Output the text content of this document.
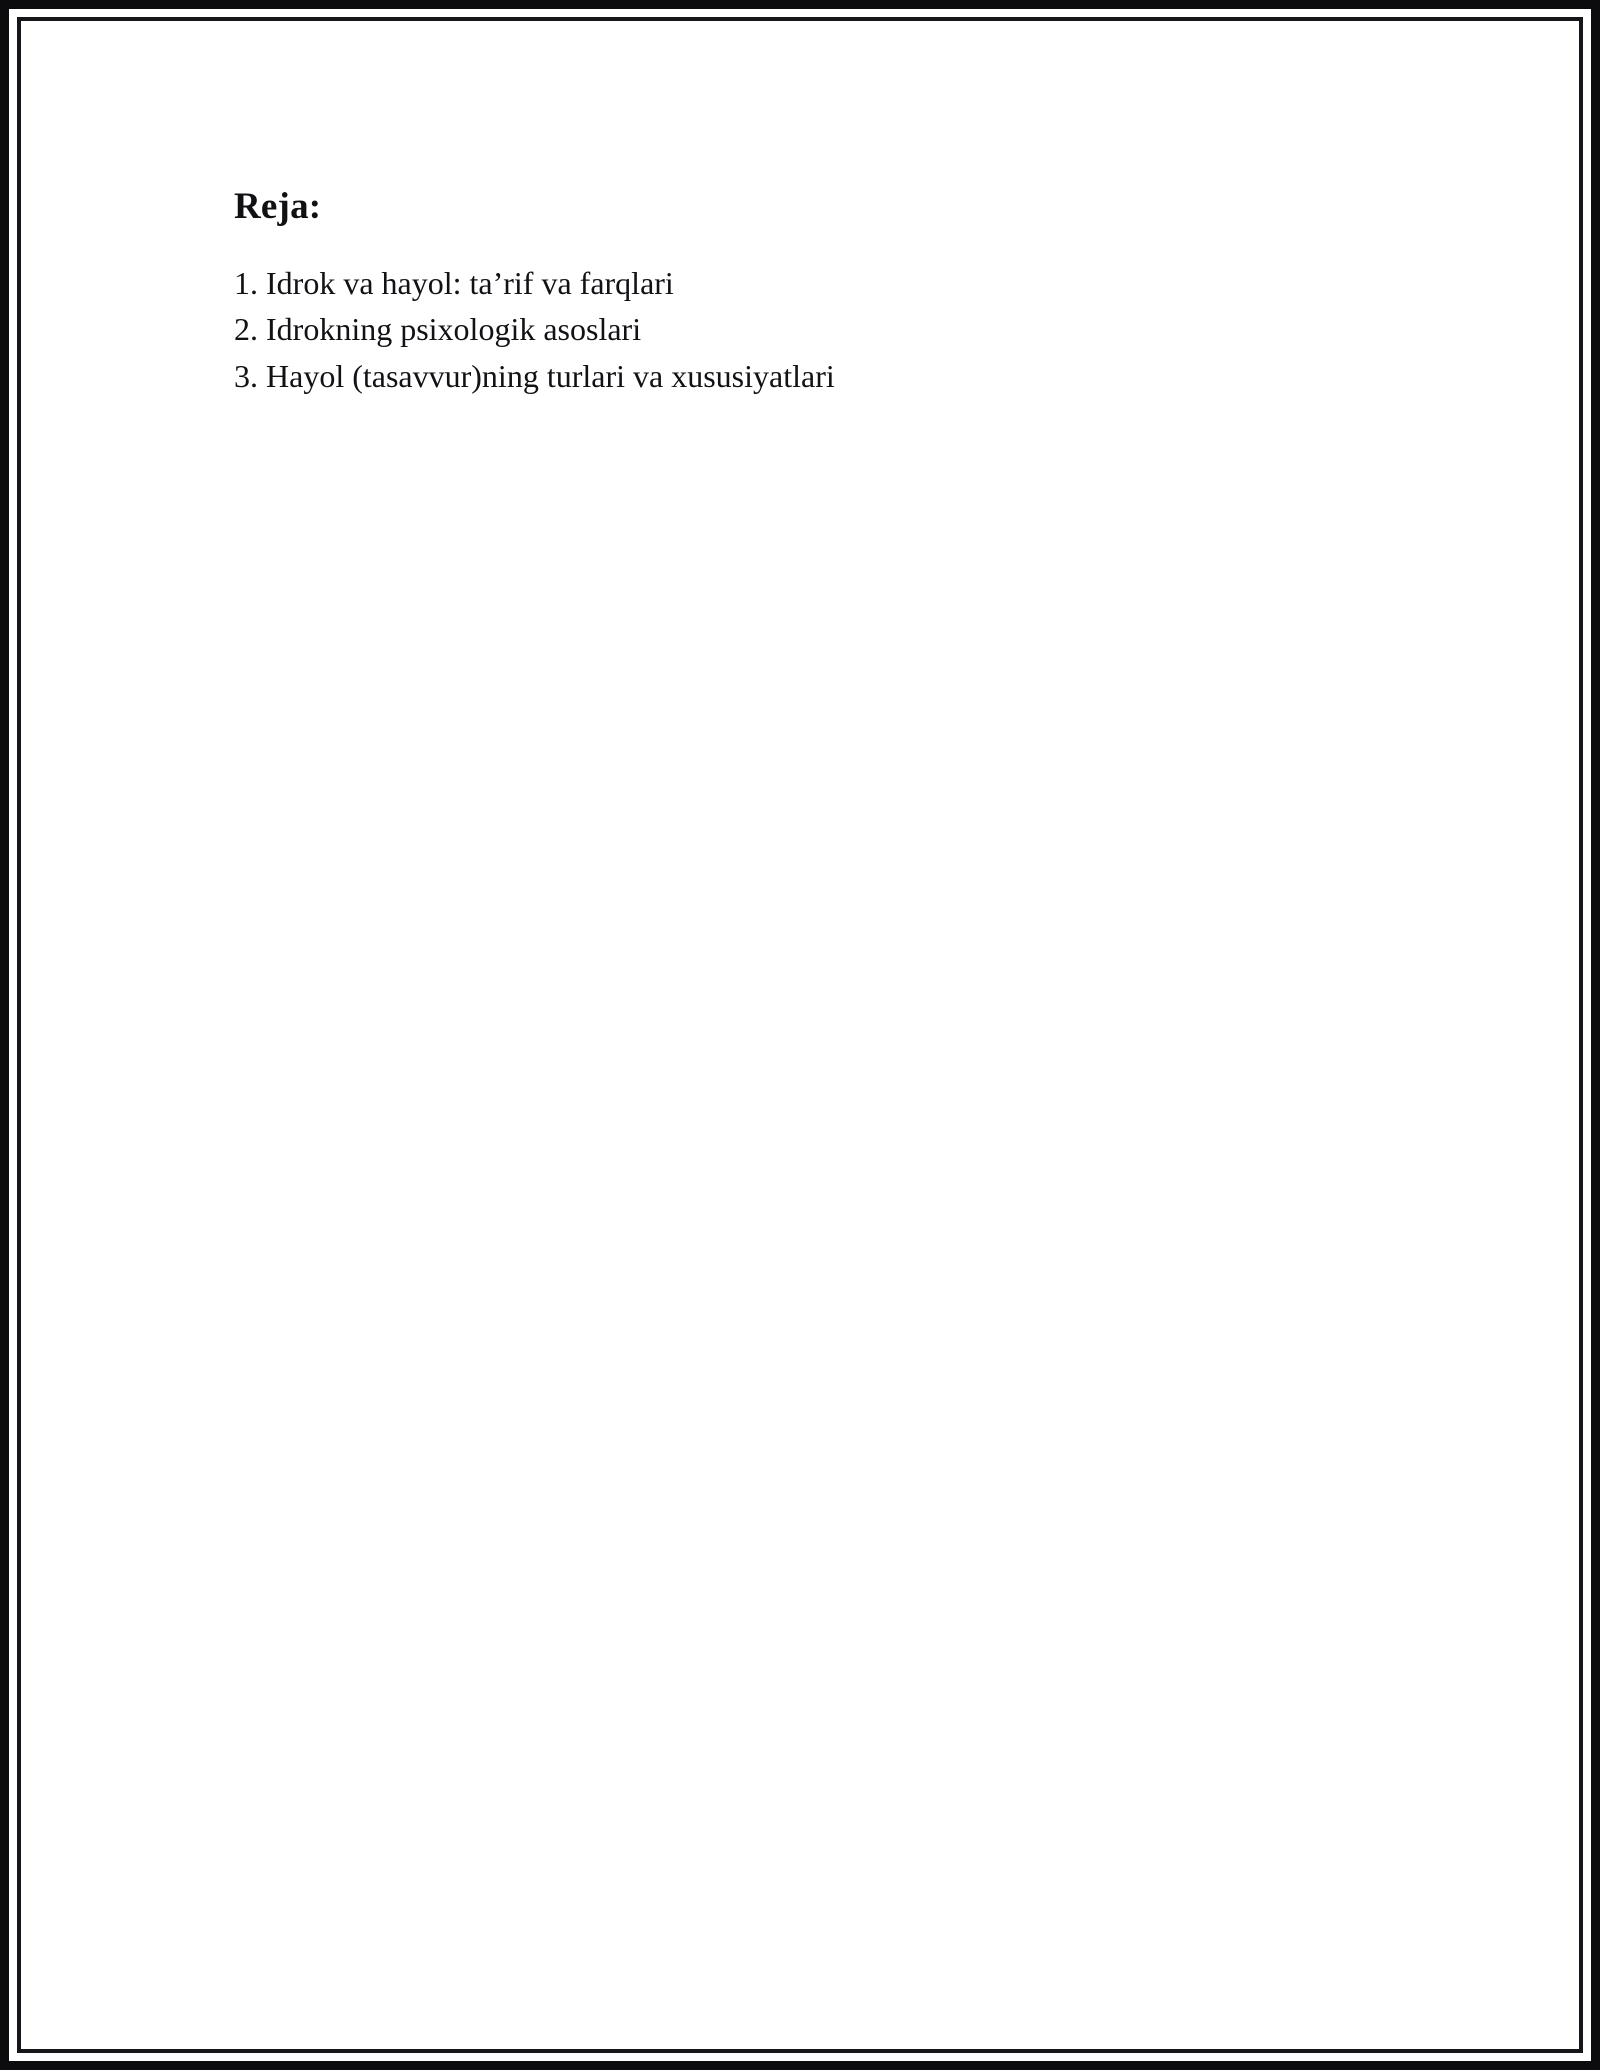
Reja:
1. Idrok va hayol: ta’rif va farqlari
2. Idrokning psixologik asoslari
3. Hayol (tasavvur)ning turlari va xususiyatlari
